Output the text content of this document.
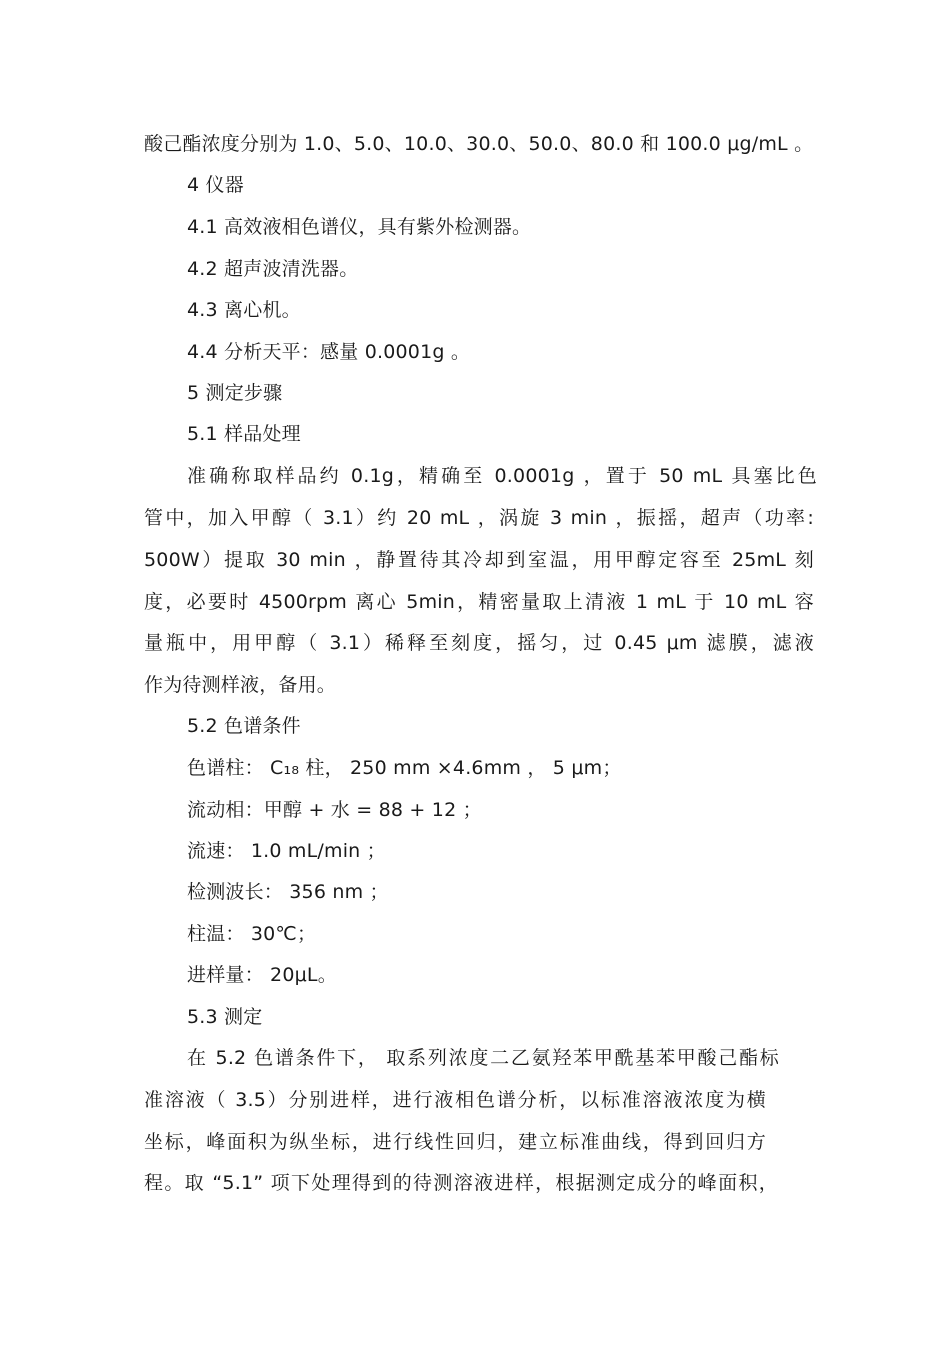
酸己酯浓度分别为 1.0、5.0、10.0、30.0、50.0、80.0 和 100.0 μg/mL 。
4 仪器
4.1 高效液相色谱仪，具有紫外检测器。
4.2 超声波清洗器。
4.3 离心机。
4.4 分析天平：感量 0.0001g 。
5 测定步骤
5.1 样品处理
准确称取样品约 0.1g，精确至 0.0001g ，置于 50 mL 具塞比色
管中，加入甲醇（ 3.1）约 20 mL ，涡旋 3 min ，振摇，超声（功率:
500W）提取 30 min ，静置待其冷却到室温，用甲醇定容至 25mL 刻
度，必要时 4500rpm 离心 5min，精密量取上清液 1 mL 于 10 mL 容
量瓶中，用甲醇（ 3.1）稀释至刻度，摇匀，过 0.45 μm 滤膜，滤液
作为待测样液，备用。
5.2 色谱条件
色谱柱： C₁₈ 柱， 250 mm ×4.6mm ， 5 μm；
流动相：甲醇 + 水 = 88 + 12 ；
流速： 1.0 mL/min ；
检测波长： 356 nm ；
柱温： 30℃；
进样量： 20μL。
5.3 测定
在 5.2 色谱条件下， 取系列浓度二乙氨羟苯甲酰基苯甲酸己酯标
准溶液（ 3.5）分别进样，进行液相色谱分析，以标准溶液浓度为横
坐标，峰面积为纵坐标，进行线性回归，建立标准曲线，得到回归方
程。取 “5.1” 项下处理得到的待测溶液进样，根据测定成分的峰面积，
